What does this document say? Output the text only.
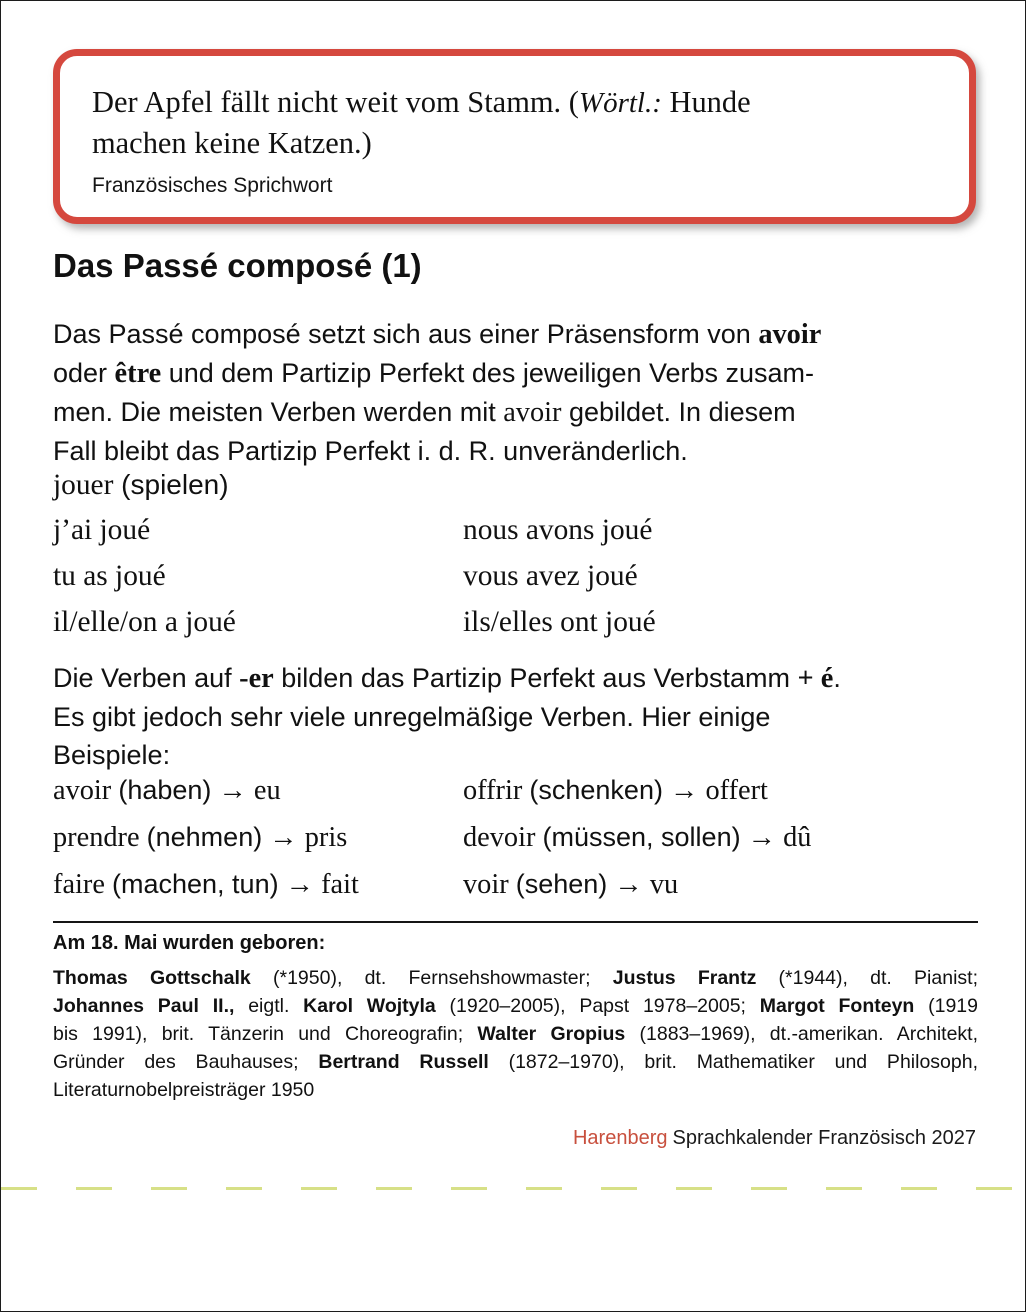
Der Apfel fällt nicht weit vom Stamm. (Wörtl.: Hunde
machen keine Katzen.)
Französisches Sprichwort
Das Passé composé (1)
Das Passé composé setzt sich aus einer Präsensform von avoir
oder être und dem Partizip Perfekt des jeweiligen Verbs zusam-
men. Die meisten Verben werden mit avoir gebildet. In diesem
Fall bleibt das Partizip Perfekt i. d. R. unveränderlich.
jouer (spielen)
j’ai joué
tu as joué
il/elle/on a joué
nous avons joué
vous avez joué
ils/elles ont joué
Die Verben auf -er bilden das Partizip Perfekt aus Verbstamm + é.
Es gibt jedoch sehr viele unregelmäßige Verben. Hier einige
Beispiele:
avoir (haben) → eu
prendre (nehmen) → pris
faire (machen, tun) → fait
offrir (schenken) → offert
devoir (müssen, sollen) → dû
voir (sehen) → vu
Am 18. Mai wurden geboren:
Thomas Gottschalk (*1950), dt. Fernsehshowmaster; Justus Frantz (*1944), dt. Pianist;
Johannes Paul II., eigtl. Karol Wojtyla (1920–2005), Papst 1978–2005; Margot Fonteyn (1919
bis 1991), brit. Tänzerin und Choreografin; Walter Gropius (1883–1969), dt.-amerikan. Architekt,
Gründer des Bauhauses; Bertrand Russell (1872–1970), brit. Mathematiker und Philosoph,
Literaturnobelpreisträger 1950
Harenberg Sprachkalender Französisch 2027
